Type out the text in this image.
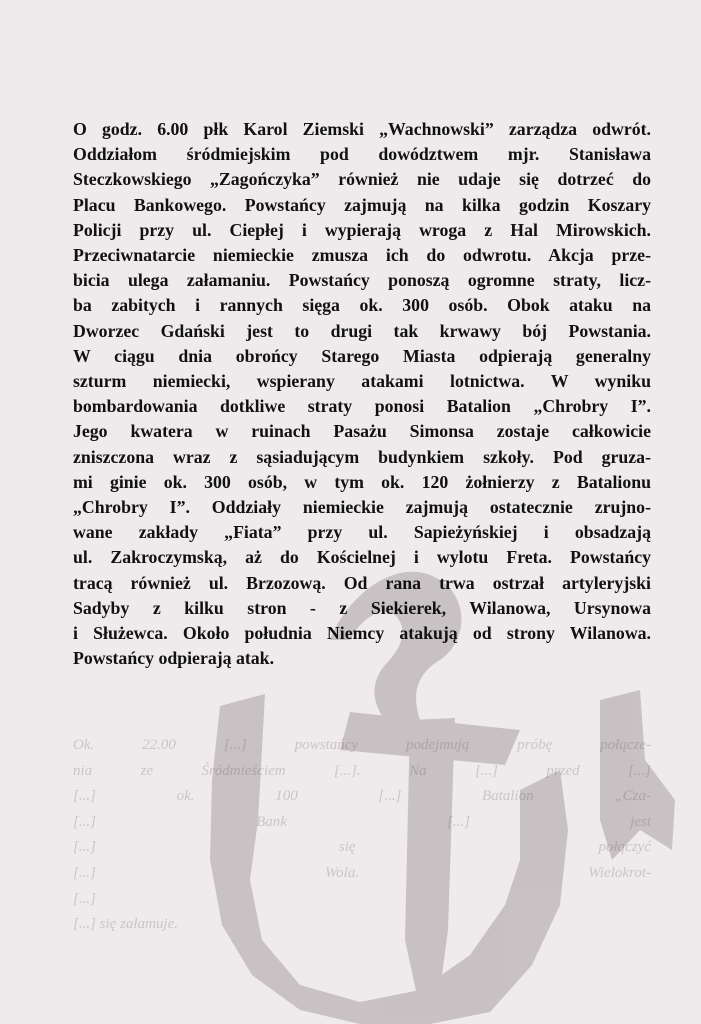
Ok. 22.00 [...] powstańcy podejmują próbę połącze-
nia ze Śródmieściem [...]. Na [...] przed [...]
[...] ok. 100 [...] Batalion „Cza-
[...] Bank [...] jest
[...] się połączyć
[...] Wola. Wielokrot-
[...]
[...] się załamuje.
O godz. 6.00 płk Karol Ziemski „Wachnowski” zarządza odwrót.
Oddziałom śródmiejskim pod dowództwem mjr. Stanisława
Steczkowskiego „Zagończyka” również nie udaje się dotrzeć do
Placu Bankowego. Powstańcy zajmują na kilka godzin Koszary
Policji przy ul. Ciepłej i wypierają wroga z Hal Mirowskich.
Przeciwnatarcie niemieckie zmusza ich do odwrotu. Akcja prze-
bicia ulega załamaniu. Powstańcy ponoszą ogromne straty, licz-
ba zabitych i rannych sięga ok. 300 osób. Obok ataku na
Dworzec Gdański jest to drugi tak krwawy bój Powstania.
W ciągu dnia obrońcy Starego Miasta odpierają generalny
szturm niemiecki, wspierany atakami lotnictwa. W wyniku
bombardowania dotkliwe straty ponosi Batalion „Chrobry I”.
Jego kwatera w ruinach Pasażu Simonsa zostaje całkowicie
zniszczona wraz z sąsiadującym budynkiem szkoły. Pod gruza-
mi ginie ok. 300 osób, w tym ok. 120 żołnierzy z Batalionu
„Chrobry I”. Oddziały niemieckie zajmują ostatecznie zrujno-
wane zakłady „Fiata” przy ul. Sapieżyńskiej i obsadzają
ul. Zakroczymską, aż do Kościelnej i wylotu Freta. Powstańcy
tracą również ul. Brzozową. Od rana trwa ostrzał artyleryjski
Sadyby z kilku stron - z Siekierek, Wilanowa, Ursynowa
i Służewca. Około południa Niemcy atakują od strony Wilanowa.
Powstańcy odpierają atak.
